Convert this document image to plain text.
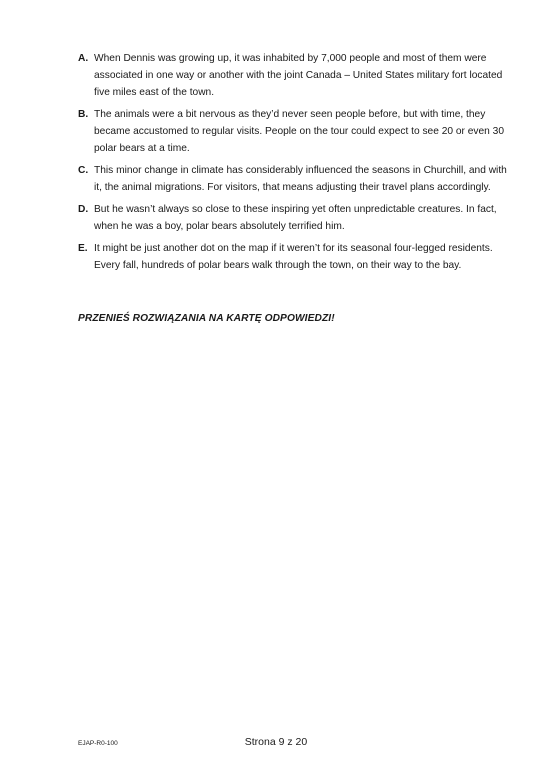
A. When Dennis was growing up, it was inhabited by 7,000 people and most of them were associated in one way or another with the joint Canada – United States military fort located five miles east of the town.
B. The animals were a bit nervous as they’d never seen people before, but with time, they became accustomed to regular visits. People on the tour could expect to see 20 or even 30 polar bears at a time.
C. This minor change in climate has considerably influenced the seasons in Churchill, and with it, the animal migrations. For visitors, that means adjusting their travel plans accordingly.
D. But he wasn’t always so close to these inspiring yet often unpredictable creatures. In fact, when he was a boy, polar bears absolutely terrified him.
E. It might be just another dot on the map if it weren’t for its seasonal four-legged residents. Every fall, hundreds of polar bears walk through the town, on their way to the bay.
PRZENIEŚ ROZWIĄZANIA NA KARTĘ ODPOWIEDZI!
EJAP-R0-100	Strona 9 z 20
